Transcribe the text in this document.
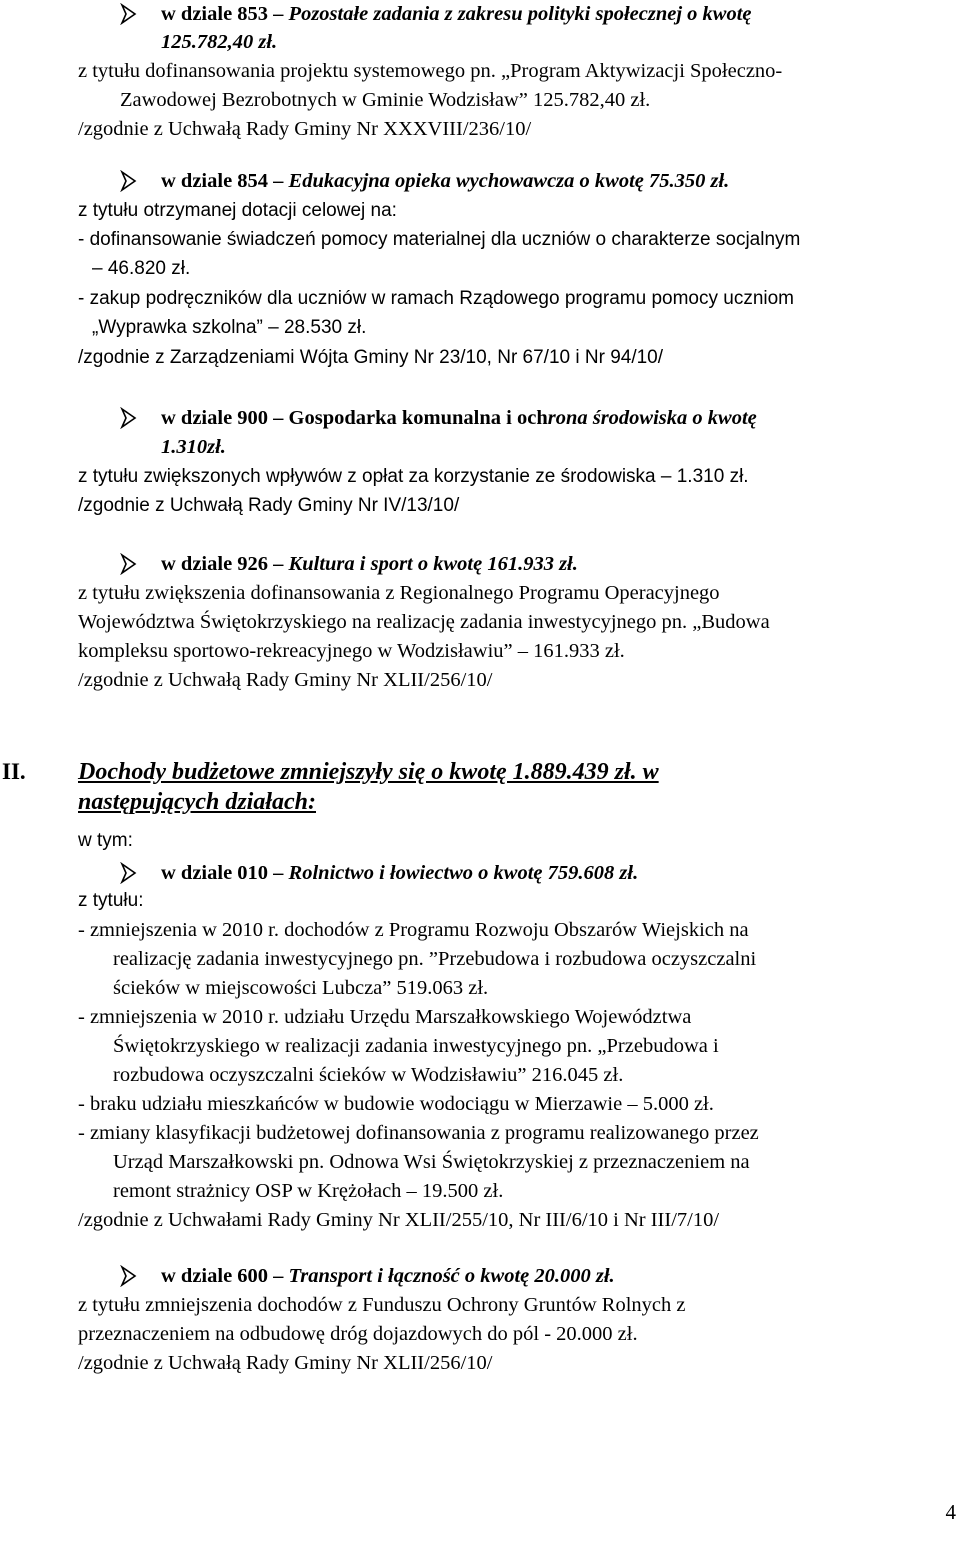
w dziale 853 – Pozostałe zadania z zakresu polityki społecznej o kwotę
125.782,40 zł.
z tytułu dofinansowania projektu systemowego pn. „Program Aktywizacji Społeczno-
Zawodowej Bezrobotnych w Gminie Wodzisław” 125.782,40 zł.
/zgodnie z Uchwałą Rady Gminy Nr XXXVIII/236/10/
w dziale 854 – Edukacyjna opieka wychowawcza o kwotę 75.350 zł.
z tytułu otrzymanej dotacji celowej na:
- dofinansowanie świadczeń pomocy materialnej dla uczniów o charakterze socjalnym
– 46.820 zł.
- zakup podręczników dla uczniów w ramach Rządowego programu pomocy uczniom
„Wyprawka szkolna” – 28.530 zł.
/zgodnie z Zarządzeniami Wójta Gminy Nr 23/10, Nr 67/10 i Nr 94/10/
w dziale 900 – Gospodarka komunalna i ochrona środowiska o kwotę
1.310zł.
z tytułu zwiększonych wpływów z opłat za korzystanie ze środowiska – 1.310 zł.
/zgodnie z Uchwałą Rady Gminy Nr IV/13/10/
w dziale 926 – Kultura i sport o kwotę 161.933 zł.
z tytułu zwiększenia dofinansowania z Regionalnego Programu Operacyjnego
Województwa Świętokrzyskiego na realizację zadania inwestycyjnego pn. „Budowa
kompleksu sportowo-rekreacyjnego w Wodzisławiu” – 161.933 zł.
/zgodnie z Uchwałą Rady Gminy Nr XLII/256/10/
II. Dochody budżetowe zmniejszyły się o kwotę 1.889.439 zł. w
następujących działach:
w tym:
w dziale 010 – Rolnictwo i łowiectwo o kwotę 759.608 zł.
z tytułu:
- zmniejszenia w 2010 r. dochodów z Programu Rozwoju Obszarów Wiejskich na
realizację zadania inwestycyjnego pn. ”Przebudowa i rozbudowa oczyszczalni
ścieków w miejscowości Lubcza” 519.063 zł.
- zmniejszenia w 2010 r. udziału Urzędu Marszałkowskiego Województwa
Świętokrzyskiego w realizacji zadania inwestycyjnego pn. „Przebudowa i
rozbudowa oczyszczalni ścieków w Wodzisławiu” 216.045 zł.
- braku udziału mieszkańców w budowie wodociągu w Mierzawie – 5.000 zł.
- zmiany klasyfikacji budżetowej dofinansowania z programu realizowanego przez
Urząd Marszałkowski pn. Odnowa Wsi Świętokrzyskiej z przeznaczeniem na
remont strażnicy OSP w Krężołach – 19.500 zł.
/zgodnie z Uchwałami Rady Gminy Nr XLII/255/10, Nr III/6/10 i Nr III/7/10/
w dziale 600 – Transport i łączność o kwotę 20.000 zł.
z tytułu zmniejszenia dochodów z Funduszu Ochrony Gruntów Rolnych z
przeznaczeniem na odbudowę dróg dojazdowych do pól - 20.000 zł.
/zgodnie z Uchwałą Rady Gminy Nr XLII/256/10/
4
